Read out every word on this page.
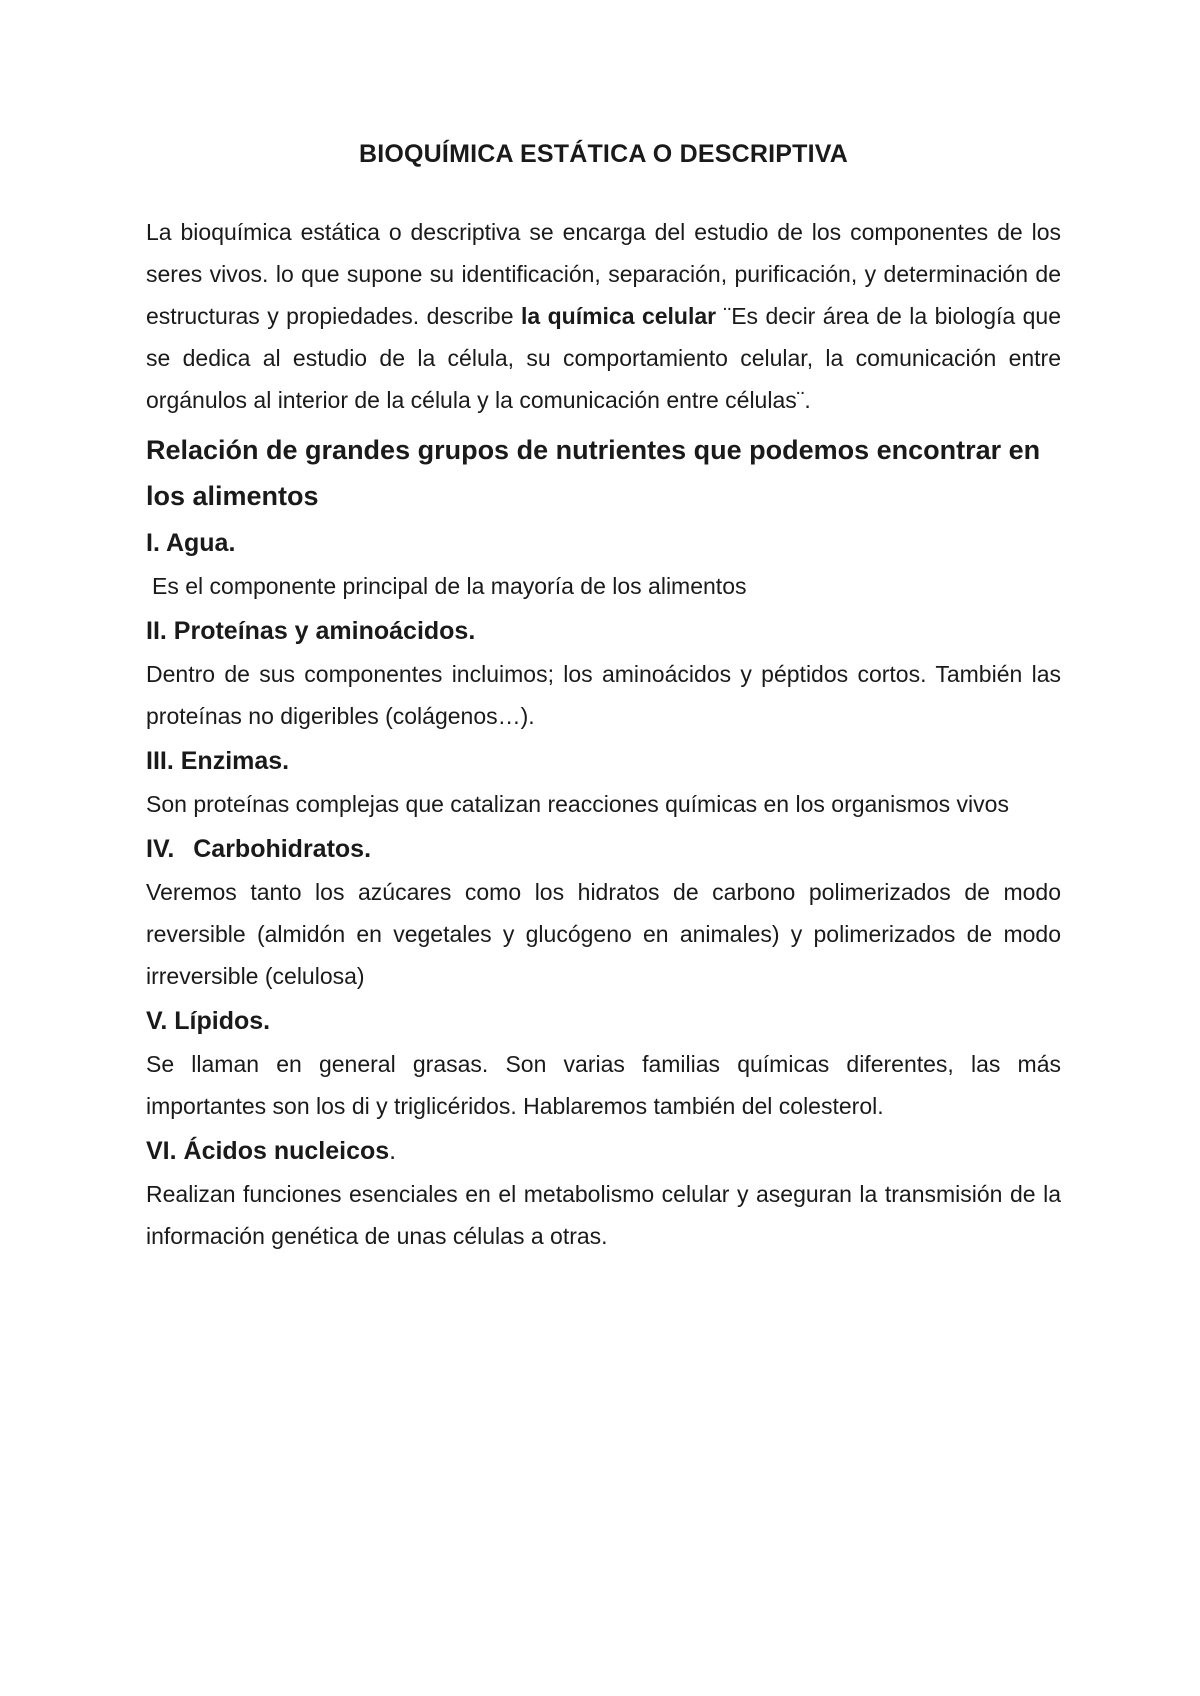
BIOQUÍMICA ESTÁTICA O DESCRIPTIVA

La bioquímica estática o descriptiva se encarga del estudio de los componentes de los seres vivos. lo que supone su identificación, separación, purificación, y determinación de estructuras y propiedades. describe la química celular ¨Es decir área de la biología que se dedica al estudio de la célula, su comportamiento celular, la comunicación entre orgánulos al interior de la célula y la comunicación entre células¨.

Relación de grandes grupos de nutrientes que podemos encontrar en los alimentos
I. Agua.

Es el componente principal de la mayoría de los alimentos

II. Proteínas y aminoácidos.

Dentro de sus componentes incluimos; los aminoácidos y péptidos cortos. También las proteínas no digeribles (colágenos…).

III. Enzimas.

Son proteínas complejas que catalizan reacciones químicas en los organismos vivos

IV. Carbohidratos.

Veremos tanto los azúcares como los hidratos de carbono polimerizados de modo reversible (almidón en vegetales y glucógeno en animales) y polimerizados de modo irreversible (celulosa)

V. Lípidos.

Se llaman en general grasas. Son varias familias químicas diferentes, las más importantes son los di y triglicéridos. Hablaremos también del colesterol.

VI. Ácidos nucleicos.

Realizan funciones esenciales en el metabolismo celular y aseguran la transmisión de la información genética de unas células a otras.
